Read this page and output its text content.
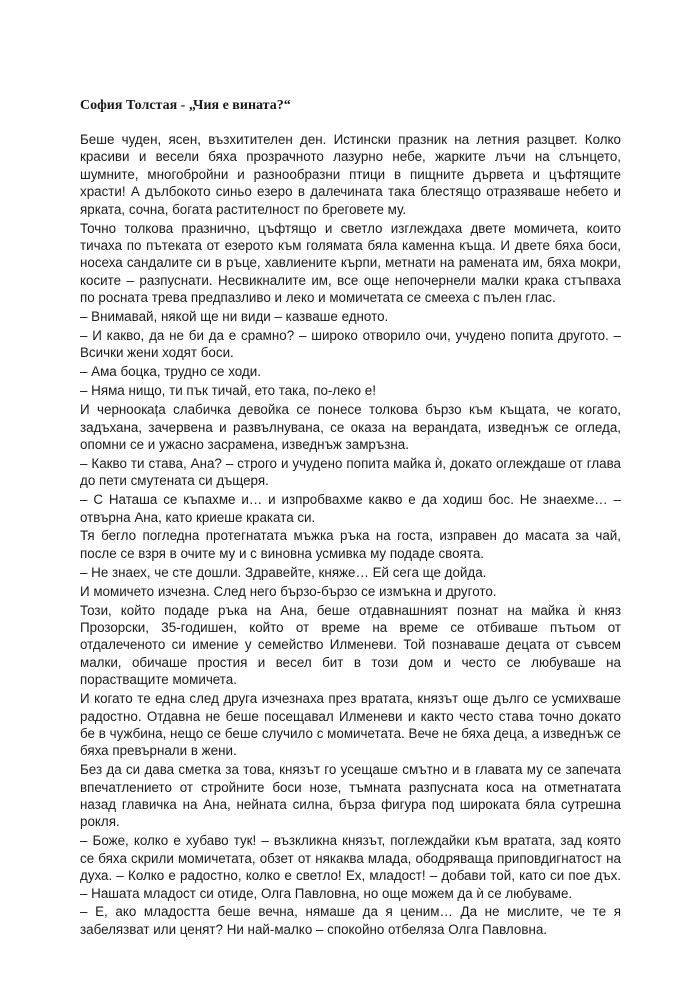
София Толстая - „Чия е вината?“

Беше чуден, ясен, възхитителен ден. Истински празник на летния разцвет. Колко красиви и весели бяха прозрачното лазурно небе, жарките лъчи на слънцето, шумните, многобройни и разнообразни птици в пищните дървета и цъфтящите храсти! А дълбокото синьо езеро в далечината така блестящо отразяваше небето и ярката, сочна, богата растителност по бреговете му.

Точно толкова празнично, цъфтящо и светло изглеждаха двете момичета, които тичаха по пътеката от езерото към голямата бяла каменна къща. И двете бяха боси, носеха сандалите си в ръце, хавлиените кърпи, метнати на рамената им, бяха мокри, косите – разпуснати. Несвикналите им, все още непочернели малки крака стъпваха по росната трева предпазливо и леко и момичетата се смееха с пълен глас.

– Внимавай, някой ще ни види – казваше едното.

– И какво, да не би да е срамно? – широко отворило очи, учудено попита другото. – Всички жени ходят боси.

– Ама боцка, трудно се ходи.

– Няма нищо, ти пък тичай, ето така, по-леко е!

И черноокața слабичка девойка се понесе толкова бързо към къщата, че когато, задъхана, зачервена и развълнувана, се оказа на верандата, изведнъж се огледа, опомни се и ужасно засрамена, изведнъж замръзна.

– Какво ти става, Ана? – строго и учудено попита майка ѝ, докато оглеждаше от глава до пети смутената си дъщеря.

– С Наташа се къпахме и… и изпробвахме какво е да ходиш бос. Не знаехме… – отвърна Ана, като криеше краката си.

Тя бегло погледна протегнатата мъжка ръка на госта, изправен до масата за чай, после се взря в очите му и с виновна усмивка му подаде своята.

– Не знаех, че сте дошли. Здравейте, княже… Ей сега ще дойда.

И момичето изчезна. След него бързо-бързо се измъкна и другото.

Този, който подаде ръка на Ана, беше отдавнашният познат на майка ѝ княз Прозорски, 35-годишен, който от време на време се отбиваше пътьом от отдалеченото си имение у семейство Илменеви. Той познаваше децата от съвсем малки, обичаше простия и весел бит в този дом и често се любуваше на порастващите момичета.

И когато те една след друга изчезнаха през вратата, князът още дълго се усмихваше радостно. Отдавна не беше посещавал Илменеви и както често става точно докато бе в чужбина, нещо се беше случило с момичетата. Вече не бяха деца, а изведнъж се бяха превърнали в жени.

Без да си дава сметка за това, князът го усещаше смътно и в главата му се запечата впечатлението от стройните боси нозе, тъмната разпусната коса на отметнатата назад главичка на Ана, нейната силна, бърза фигура под широката бяла сутрешна рокля.

– Боже, колко е хубаво тук! – възкликна князът, поглеждайки към вратата, зад която се бяха скрили момичетата, обзет от някаква млада, ободряваща приповдигнатост на духа. – Колко е радостно, колко е светло! Ех, младост! – добави той, като си пое дъх. – Нашата младост си отиде, Олга Павловна, но още можем да ѝ се любуваме.

– Е, ако младостта беше вечна, нямаше да я ценим… Да не мислите, че те я забелязват или ценят? Ни най-малко – спокойно отбеляза Олга Павловна.
